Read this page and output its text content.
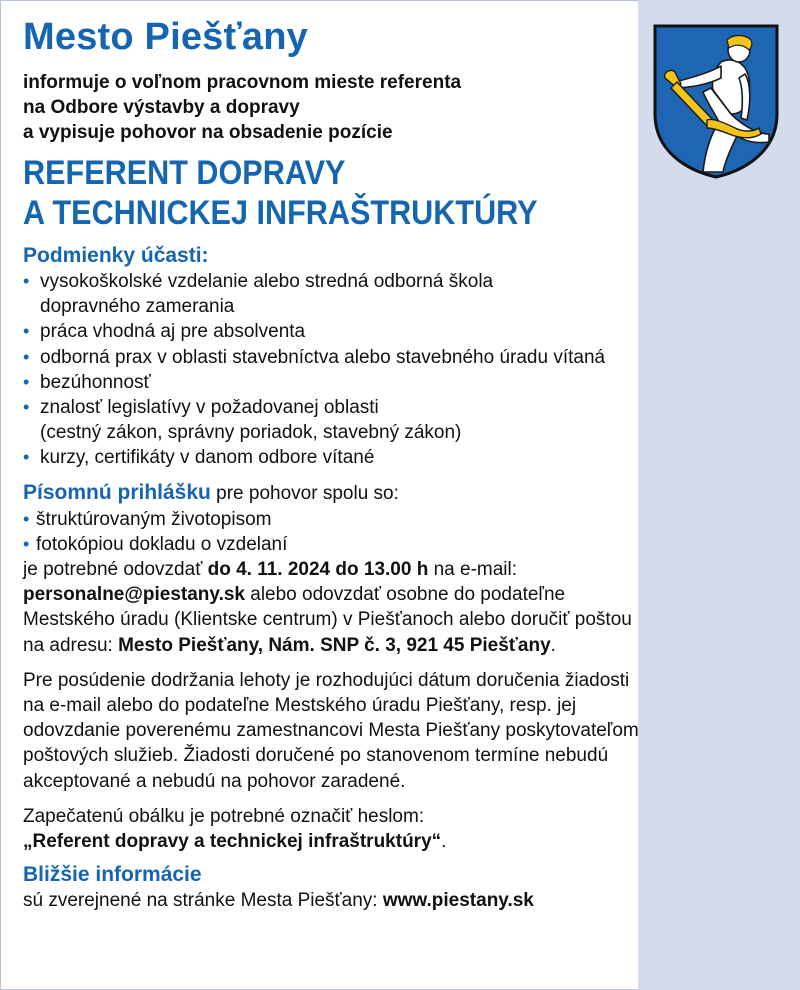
Mesto Piešťany
informuje o voľnom pracovnom mieste referenta
na Odbore výstavby a dopravy
a vypisuje pohovor na obsadenie pozície
REFERENT DOPRAVY
A TECHNICKEJ INFRAŠTRUKTÚRY
Podmienky účasti:
• vysokoškolské vzdelanie alebo stredná odborná škola
dopravného zamerania
• práca vhodná aj pre absolventa
• odborná prax v oblasti stavebníctva alebo stavebného úradu vítaná
• bezúhonnosť
• znalosť legislatívy v požadovanej oblasti
(cestný zákon, správny poriadok, stavebný zákon)
• kurzy, certifikáty v danom odbore vítané
Písomnú prihlášku pre pohovor spolu so:
• štruktúrovaným životopisom
• fotokópiou dokladu o vzdelaní

je potrebné odovzdať do 4. 11. 2024 do 13.00 h na e-mail:

personalne@piestany.sk alebo odovzdať osobne do podateľne

Mestského úradu (Klientske centrum) v Piešťanoch alebo doručiť poštou

na adresu: Mesto Piešťany, Nám. SNP č. 3, 921 45 Piešťany.

Pre posúdenie dodržania lehoty je rozhodujúci dátum doručenia žiadosti

na e-mail alebo do podateľne Mestského úradu Piešťany, resp. jej

odovzdanie poverenému zamestnancovi Mesta Piešťany poskytovateľom

poštových služieb. Žiadosti doručené po stanovenom termíne nebudú

akceptované a nebudú na pohovor zaradené.

Zapečatenú obálku je potrebné označiť heslom:

„Referent dopravy a technickej infraštruktúry“.

Bližšie informácie

sú zverejnené na stránke Mesta Piešťany: www.piestany.sk
